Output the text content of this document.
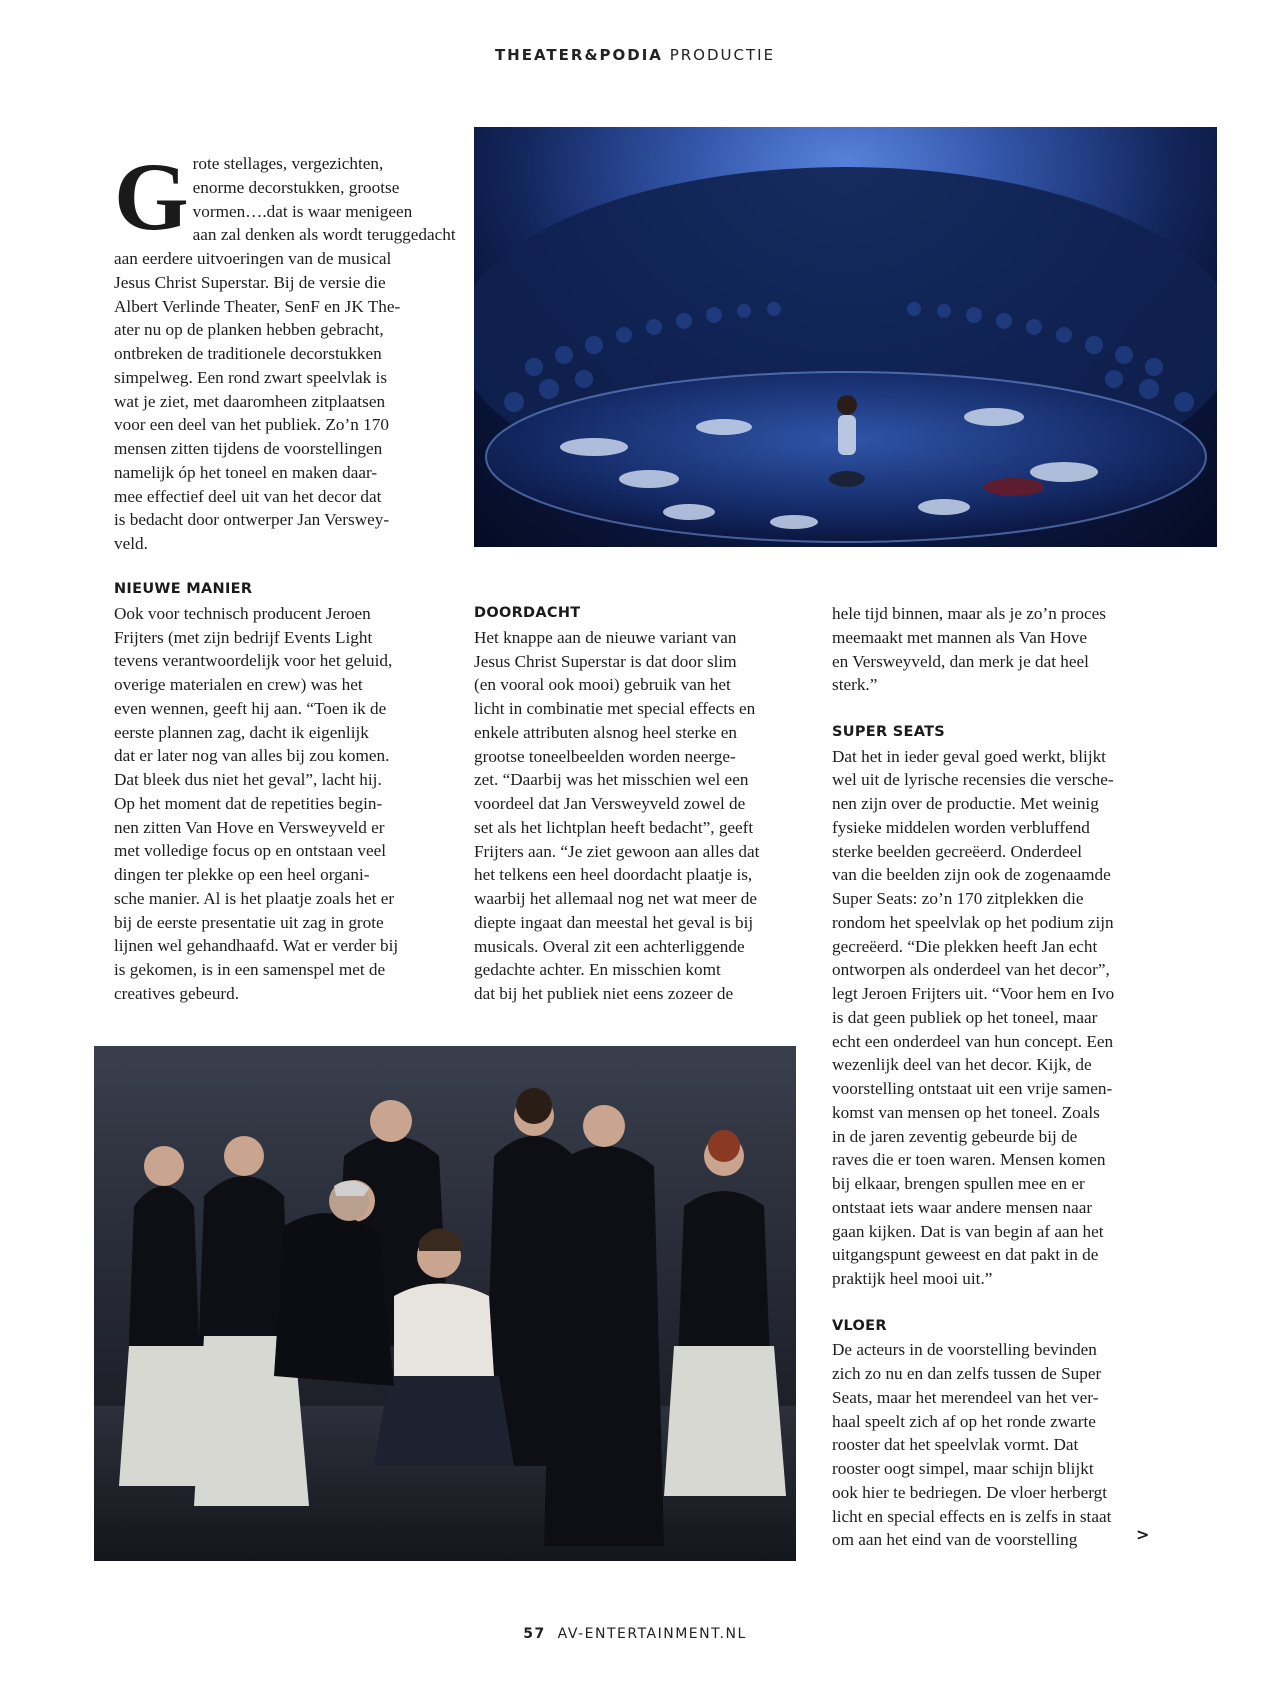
THEATER&PODIA PRODUCTIE
G rote stellages, vergezichten,
enorme decorstukken, grootse
vormen….dat is waar menigeen
aan zal denken als wordt teruggedacht
aan eerdere uitvoeringen van de musical
Jesus Christ Superstar. Bij de versie die
Albert Verlinde Theater, SenF en JK The-
ater nu op de planken hebben gebracht,
ontbreken de traditionele decorstukken
simpelweg. Een rond zwart speelvlak is
wat je ziet, met daaromheen zitplaatsen
voor een deel van het publiek. Zo’n 170
mensen zitten tijdens de voorstellingen
namelijk óp het toneel en maken daar-
mee effectief deel uit van het decor dat
is bedacht door ontwerper Jan Versweу-
veld.
NIEUWE MANIER
Ook voor technisch producent Jeroen
Frijters (met zijn bedrijf Events Light
tevens verantwoordelijk voor het geluid,
overige materialen en crew) was het
even wennen, geeft hij aan. “Toen ik de
eerste plannen zag, dacht ik eigenlijk
dat er later nog van alles bij zou komen.
Dat bleek dus niet het geval”, lacht hij.
Op het moment dat de repetities begin-
nen zitten Van Hove en Versweyveld er
met volledige focus op en ontstaan veel
dingen ter plekke op een heel organi-
sche manier. Al is het plaatje zoals het er
bij de eerste presentatie uit zag in grote
lijnen wel gehandhaafd. Wat er verder bij
is gekomen, is in een samenspel met de
creatives gebeurd.
DOORDACHT
Het knappe aan de nieuwe variant van
Jesus Christ Superstar is dat door slim
(en vooral ook mooi) gebruik van het
licht in combinatie met special effects en
enkele attributen alsnog heel sterke en
grootse toneelbeelden worden neerge-
zet. “Daarbij was het misschien wel een
voordeel dat Jan Versweyveld zowel de
set als het lichtplan heeft bedacht”, geeft
Frijters aan. “Je ziet gewoon aan alles dat
het telkens een heel doordacht plaatje is,
waarbij het allemaal nog net wat meer de
diepte ingaat dan meestal het geval is bij
musicals. Overal zit een achterliggende
gedachte achter. En misschien komt
dat bij het publiek niet eens zozeer de
hele tijd binnen, maar als je zo’n proces
meemaakt met mannen als Van Hove
en Versweyveld, dan merk je dat heel
sterk.”
SUPER SEATS
Dat het in ieder geval goed werkt, blijkt
wel uit de lyrische recensies die versche-
nen zijn over de productie. Met weinig
fysieke middelen worden verbluffend
sterke beelden gecreëerd. Onderdeel
van die beelden zijn ook de zogenaamde
Super Seats: zo’n 170 zitplekken die
rondom het speelvlak op het podium zijn
gecreëerd. “Die plekken heeft Jan echt
ontworpen als onderdeel van het decor”,
legt Jeroen Frijters uit. “Voor hem en Ivo
is dat geen publiek op het toneel, maar
echt een onderdeel van hun concept. Een
wezenlijk deel van het decor. Kijk, de
voorstelling ontstaat uit een vrije samen-
komst van mensen op het toneel. Zoals
in de jaren zeventig gebeurde bij de
raves die er toen waren. Mensen komen
bij elkaar, brengen spullen mee en er
ontstaat iets waar andere mensen naar
gaan kijken. Dat is van begin af aan het
uitgangspunt geweest en dat pakt in de
praktijk heel mooi uit.”
VLOER
De acteurs in de voorstelling bevinden
zich zo nu en dan zelfs tussen de Super
Seats, maar het merendeel van het ver-
haal speelt zich af op het ronde zwarte
rooster dat het speelvlak vormt. Dat
rooster oogt simpel, maar schijn blijkt
ook hier te bedriegen. De vloer herbergt
licht en special effects en is zelfs in staat
om aan het eind van de voorstelling	>
57 AV-ENTERTAINMENT.NL
